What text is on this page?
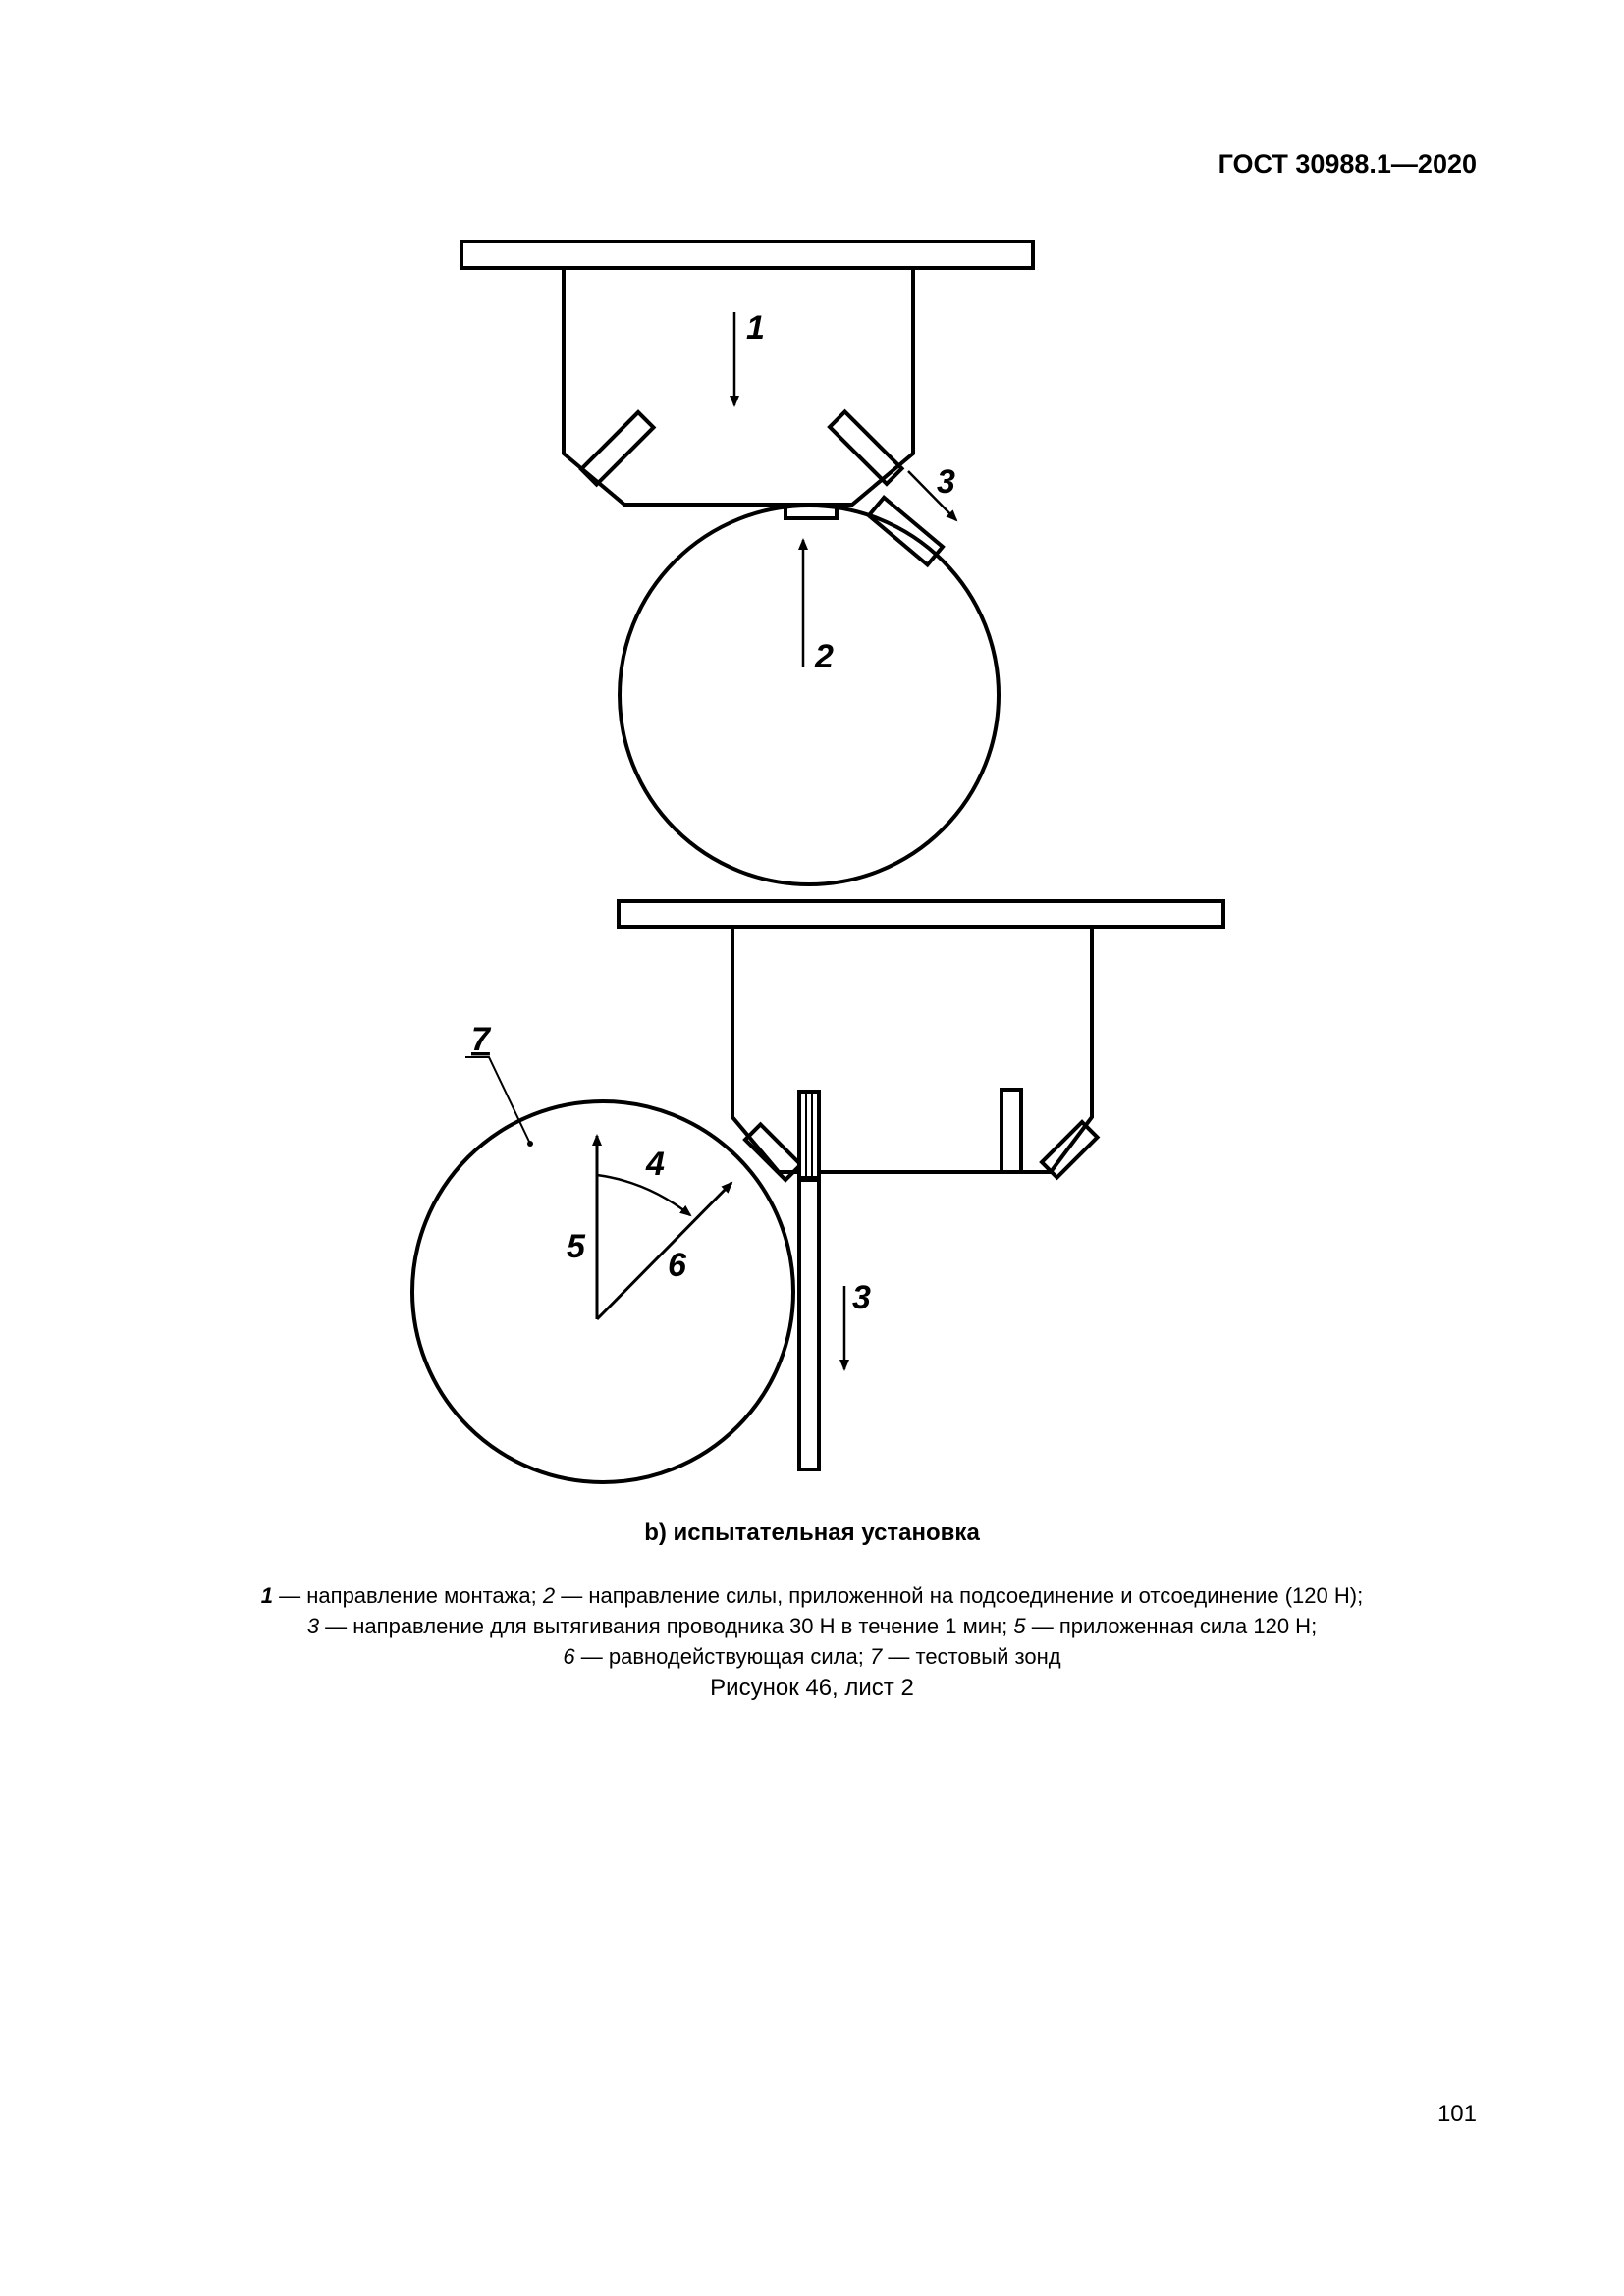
ГОСТ 30988.1—2020
1
2
3
4
5 6
7
3
b) испытательная установка
1 — направление монтажа; 2 — направление силы, приложенной на подсоединение и отсоединение (120 Н);
3 — направление для вытягивания проводника 30 Н в течение 1 мин; 5 — приложенная сила 120 Н;
6 — равнодействующая сила; 7 — тестовый зонд
Рисунок 46, лист 2
101
